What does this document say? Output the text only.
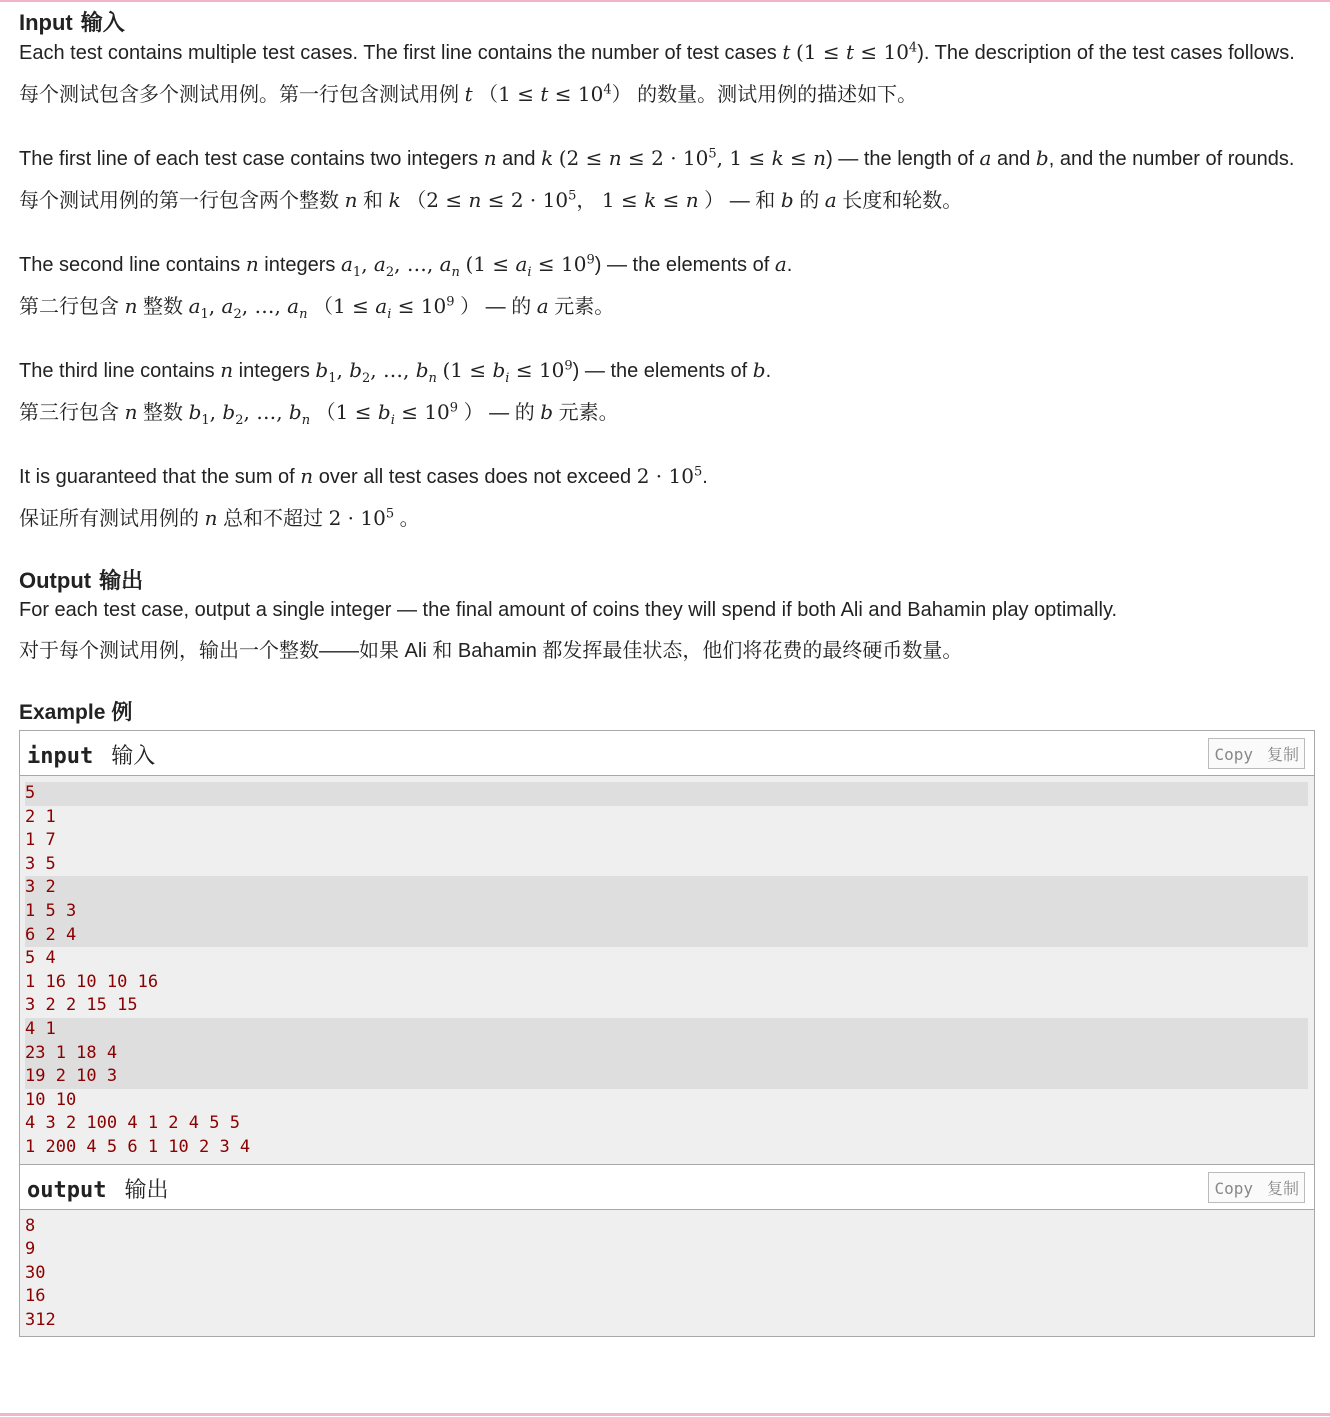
Input 输入

Each test contains multiple test cases. The first line contains the number of test cases t $(1 \le t \le 10^4)$. The description of the test cases follows.

每个测试包含多个测试用例。第一行包含测试用例 t $(1 \le t \le 10^4)$ 的数量。测试用例的描述如下。

The first line of each test case contains two integers n and k ($2 \le n \le 2 \cdot 10^5$, 1 ≤ k ≤ n) — the length of a and b, and the number of rounds.

每个测试用例的第一行包含两个整数 n 和 k （$2 \le n \le 2 \cdot 10^5$， 1 ≤ k ≤ n ） — 和 b 的 a 长度和轮数。

The second line contains n integers $a_1$, $a_2$, …, $a_n$ $(1 \le a_i \le 10^9)$ — the elements of a.

第二行包含 n 整数 $a_1$, $a_2$, …, $a_n$ （$1 \le a_i \le 10^9$ ） — 的 a 元素。

The third line contains n integers $b_1$, $b_2$, …, $b_n$ $(1 \le b_i \le 10^9)$ — the elements of b.

第三行包含 n 整数 $b_1$, $b_2$, …, $b_n$ （$1 \le b_i \le 10^9$ ） — 的 b 元素。

It is guaranteed that the sum of n over all test cases does not exceed $2 \cdot 10^5$.

保证所有测试用例的 n 总和不超过 $2 \cdot 10^5$ 。

Output 输出

For each test case, output a single integer — the final amount of coins they will spend if both Ali and Bahamin play optimally.

对于每个测试用例，输出一个整数——如果 Ali 和 Bahamin 都发挥最佳状态，他们将花费的最终硬币数量。

Example 例
input 输入	Copy 复制
5
2 1
1 7
3 5
3 2
1 5 3
6 2 4
5 4
1 16 10 10 16
3 2 2 15 15
4 1
23 1 18 4
19 2 10 3
10 10
4 3 2 100 4 1 2 4 5 5
1 200 4 5 6 1 10 2 3 4
output 输出	Copy 复制
8
9
30
16
312
